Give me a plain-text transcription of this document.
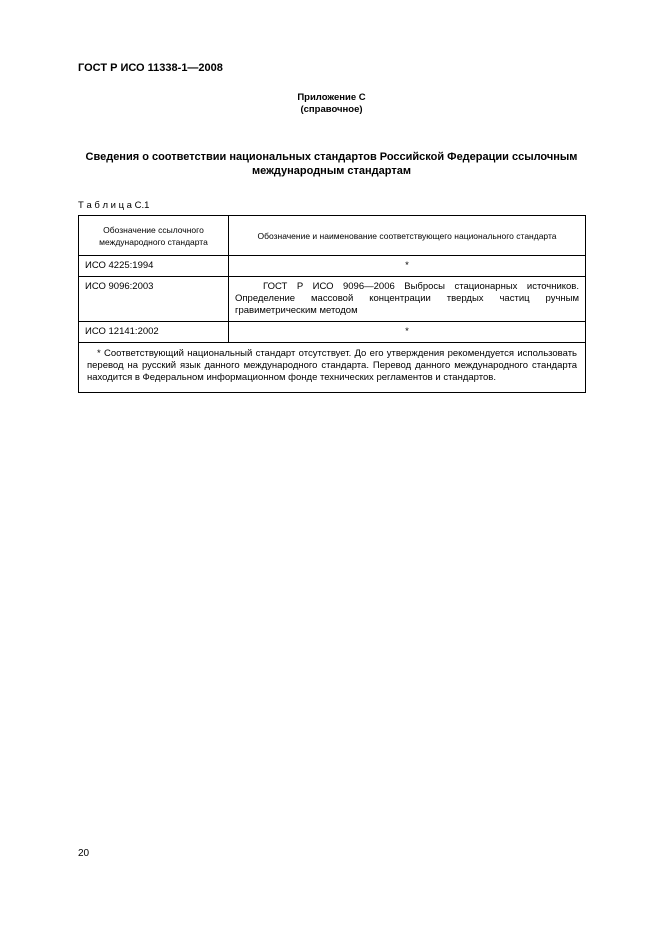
ГОСТ Р ИСО 11338-1—2008
Приложение С
(справочное)
Сведения о соответствии национальных стандартов Российской Федерации ссылочным международным стандартам
Т а б л и ц а С.1
Обозначение ссылочного международного стандарта	Обозначение и наименование соответствующего национального стандарта
ИСО 4225:1994	*
ИСО 9096:2003	ГОСТ Р ИСО 9096—2006 Выбросы стационарных источников. Определение массовой концентрации твердых частиц ручным гравиметрическим методом
ИСО 12141:2002	*
* Соответствующий национальный стандарт отсутствует. До его утверждения рекомендуется использовать перевод на русский язык данного международного стандарта. Перевод данного международного стандарта находится в Федеральном информационном фонде технических регламентов и стандартов.	
20
